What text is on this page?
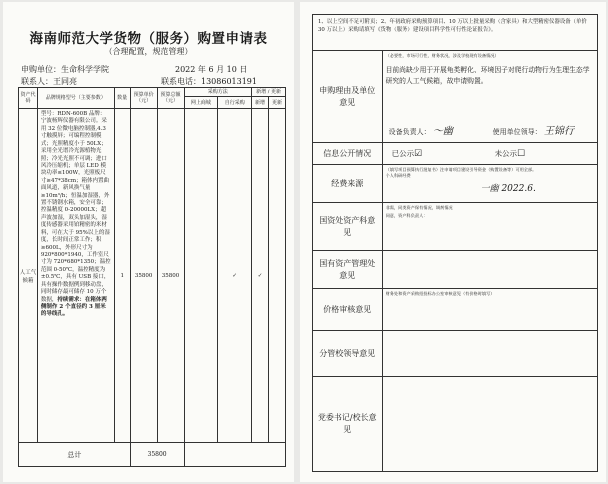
海南师范大学货物（服务）购置申请表
（合理配置，规范管理）
申购单位：生命科学学院	2022 年 6 月 10 日
联系人：王同亮	联系电话：13086013191
资产代码	品牌规格型号（主要参数）	数量	预算单价（元）	预算总额（元）	采购方法		新增 / 更新	
					网上商城	自行采购	新增	更新
人工气候箱	型号：RDN-600B 品牌：宁波杨辉仪器有限公司。采用 32 位微电脑控制器,4.3 寸触摸屏；可编程控制模式；光照精度小于 50LX；采用全光谱冷光源植物光照；冷光光照不可调；进口风冷压缩机；单层 LED 模块功率≤100W，光照板尺寸≥47*38cm；箱体内置曲面风道，新风换气量≥10m³/h；恒温加湿器，外置不锈钢水箱，安全可靠；控温精度 0-20000LX；超声波加湿，双头加湿头，湿度传感器采用铂精密的米材料，可在大于 95%以上的湿度，长时间正常工作；积≥600L，外形尺寸为 920*800*1940，工作室尺寸为 720*680*1350；温控范围 0-50℃，温控精度为±0.5℃，具有 USB 接口，具有操作数据例到移动盘，同时储存最可储存 10 万个数据，持续需求：在箱体两侧制作 2 个直径约 3 厘米的导线孔。	1	35800	35800		✓	✓	
总计			35800					
1、以上空间不足可附页；2、年初政府采购预算项目、10 万以上批量采购（含家具）和大型精密仪器设备（单价 30 万以上）采购请填写《货物（服务）建设项目科学性可行性论证报告》。	
申购理由及单位意见	（必要性，市场可行性，财务状况，涉及学校现有设备情况）
目前尚缺少用于开展龟类孵化、环境因子对爬行动物行为生理生态学研究的人工气候箱，故申请购置。
设备负责人： 〜幽 使用单位领导： 王锦行

信息公开情况	已公示☑ 未公示☐
经费来源	（填写项目预算执行批复书）注申请项目建设引导资金（购置设备等）可用全部。
个人科研经费
一幽 2022.6.

国资处资产科意见	非需，同类资产保有情况，调剂情况
同意，资产科负责人：

国有资产管理处意见	
价格审核意见	财务处和资产采购招投标办公室审核意见（有价格时填写）

分管校领导意见	
党委书记/校长意见	
